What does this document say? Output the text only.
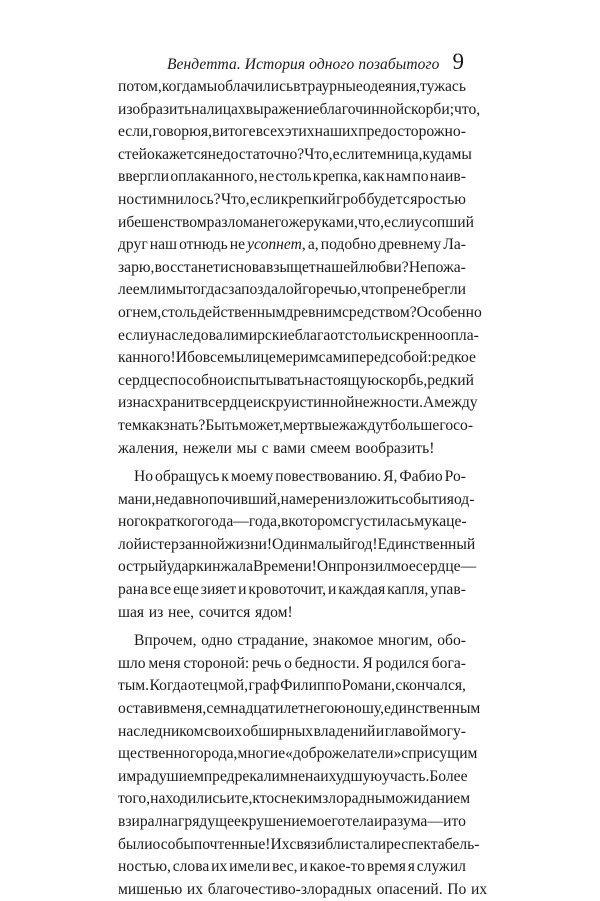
Вендетта. История одного позабытого 9
потом, когда мы облачились в траурные одеяния, тужась
изобразить на лицах выражение благочинной скорби; что,
если, говорю я, в итоге всех этих наших предосторожно-
стей окажется недостаточно? Что, если темница, куда мы
ввергли оплаканного, не столь крепка, как нам по наив-
ности мнилось? Что, если крепкий гроб будет с яростью
и бешенством разломан его же руками, что, если усопший
друг наш отнюдь не усопнет, а, подобно древнему Ла-
зарю, восстанет и снова взыщет нашей любви? Не пожа-
леем ли мы тогда с запоздалой горечью, что пренебрегли
огнем, столь действенным древним средством? Особенно
если унаследовали мирские блага от столь искренно опла-
канного! Ибо все мы лицемерим сами перед собой: редкое
сердце способно испытывать настоящую скорбь, редкий
из нас хранит в сердце искру истинной нежности. А между
тем как знать? Быть может, мертвые жаждут большего со-
жаления, нежели мы с вами смеем вообразить!
Но обращусь к моему повествованию. Я, Фабио Ро-
мани, недавно почивший, намерен изложить события од-
ного краткого года — года, в котором сгустилась мука це-
лой истерзанной жизни! Один малый год! Единственный
острый удар кинжала Времени! Он пронзил мое сердце —
рана все еще зияет и кровоточит, и каждая капля, упав-
шая из нее, сочится ядом!
Впрочем, одно страдание, знакомое многим, обо-
шло меня стороной: речь о бедности. Я родился бога-
тым. Когда отец мой, граф Филиппо Романи, скончался,
оставив меня, семнадцатилетнего юношу, единственным
наследником своих обширных владений и главой могу-
щественного рода, многие «доброжелатели» с присущим
им радушием предрекали мне наихудшую участь. Более
того, находились и те, кто с неким злорадным ожиданием
взирал на грядущее крушение моего тела и разума — и то
были особы почтенные! Их связи блистали респектабель-
ностью, слова их имели вес, и какое-то время я служил
мишенью их благочестиво-злорадных опасений. По их
